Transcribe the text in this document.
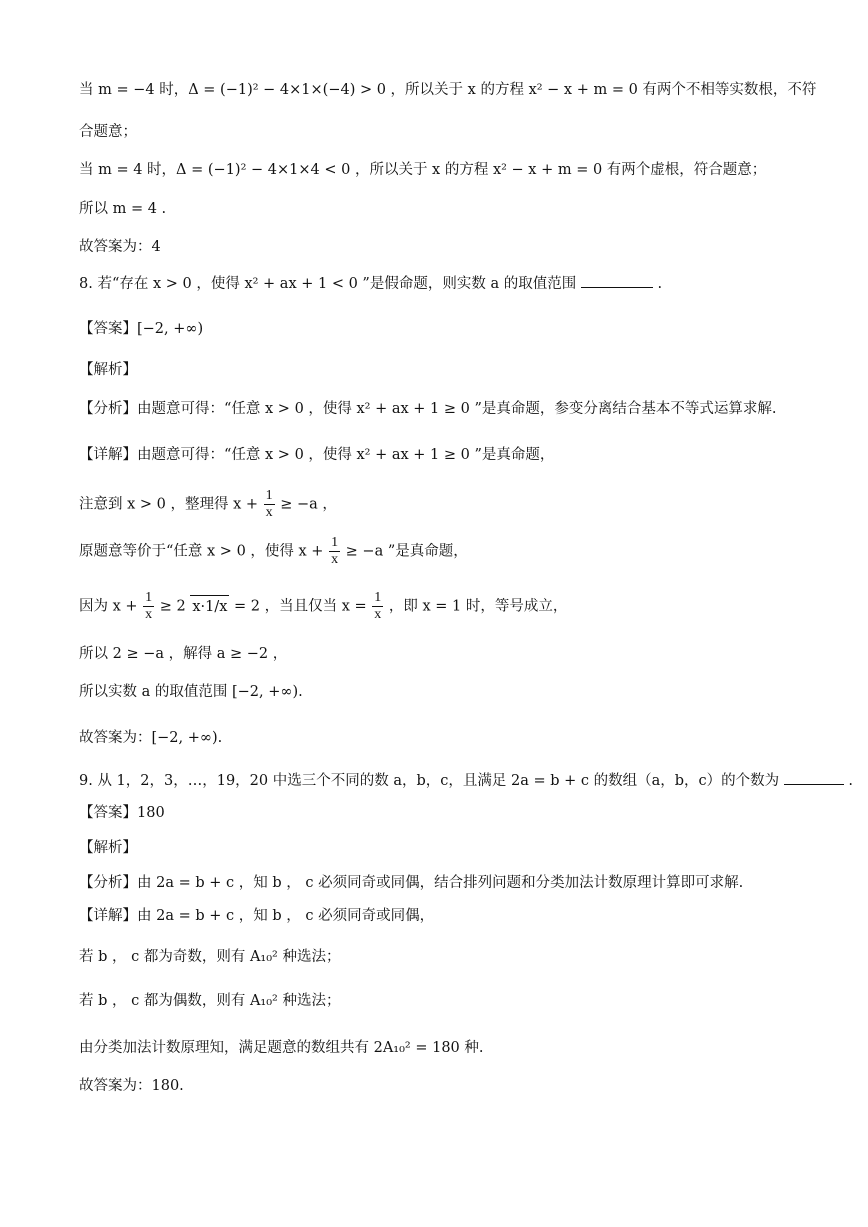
当 m = −4 时，Δ = (−1)² − 4×1×(−4) > 0 ，所以关于 x 的方程 x² − x + m = 0 有两个不相等实数根，不符
合题意；
当 m = 4 时，Δ = (−1)² − 4×1×4 < 0 ，所以关于 x 的方程 x² − x + m = 0 有两个虚根，符合题意；
所以 m = 4 .
故答案为：4
8. 若“存在 x > 0 ，使得 x² + ax + 1 < 0 ”是假命题，则实数 a 的取值范围	.
【答案】[−2, +∞)
【解析】
【分析】由题意可得：“任意 x > 0 ，使得 x² + ax + 1 ≥ 0 ”是真命题，参变分离结合基本不等式运算求解.
【详解】由题意可得：“任意 x > 0 ，使得 x² + ax + 1 ≥ 0 ”是真命题，
注意到 x > 0 ，整理得 $x + \frac{1}{x} \ge -a$ ，
原题意等价于“任意 x > 0 ，使得 $x + \frac{1}{x} \ge -a$ ”是真命题，
因为 $x + \frac{1}{x} \ge 2$ x·1/x = 2 ，当且仅当 $x = \frac{1}{x}$ ，即 x = 1 时，等号成立，
所以 2 ≥ −a ，解得 a ≥ −2 ，
所以实数 a 的取值范围 [−2, +∞).
故答案为：[−2, +∞).
9. 从 1，2，3，…，19，20 中选三个不同的数 a，b，c，且满足 2a = b + c 的数组（a，b，c）的个数为	.
【答案】180
【解析】
【分析】由 2a = b + c ，知 b ， c 必须同奇或同偶，结合排列问题和分类加法计数原理计算即可求解.
【详解】由 2a = b + c ，知 b ， c 必须同奇或同偶，
若 b ， c 都为奇数，则有 A₁₀² 种选法；
若 b ， c 都为偶数，则有 A₁₀² 种选法；
由分类加法计数原理知，满足题意的数组共有 2A₁₀² = 180 种.
故答案为：180.
